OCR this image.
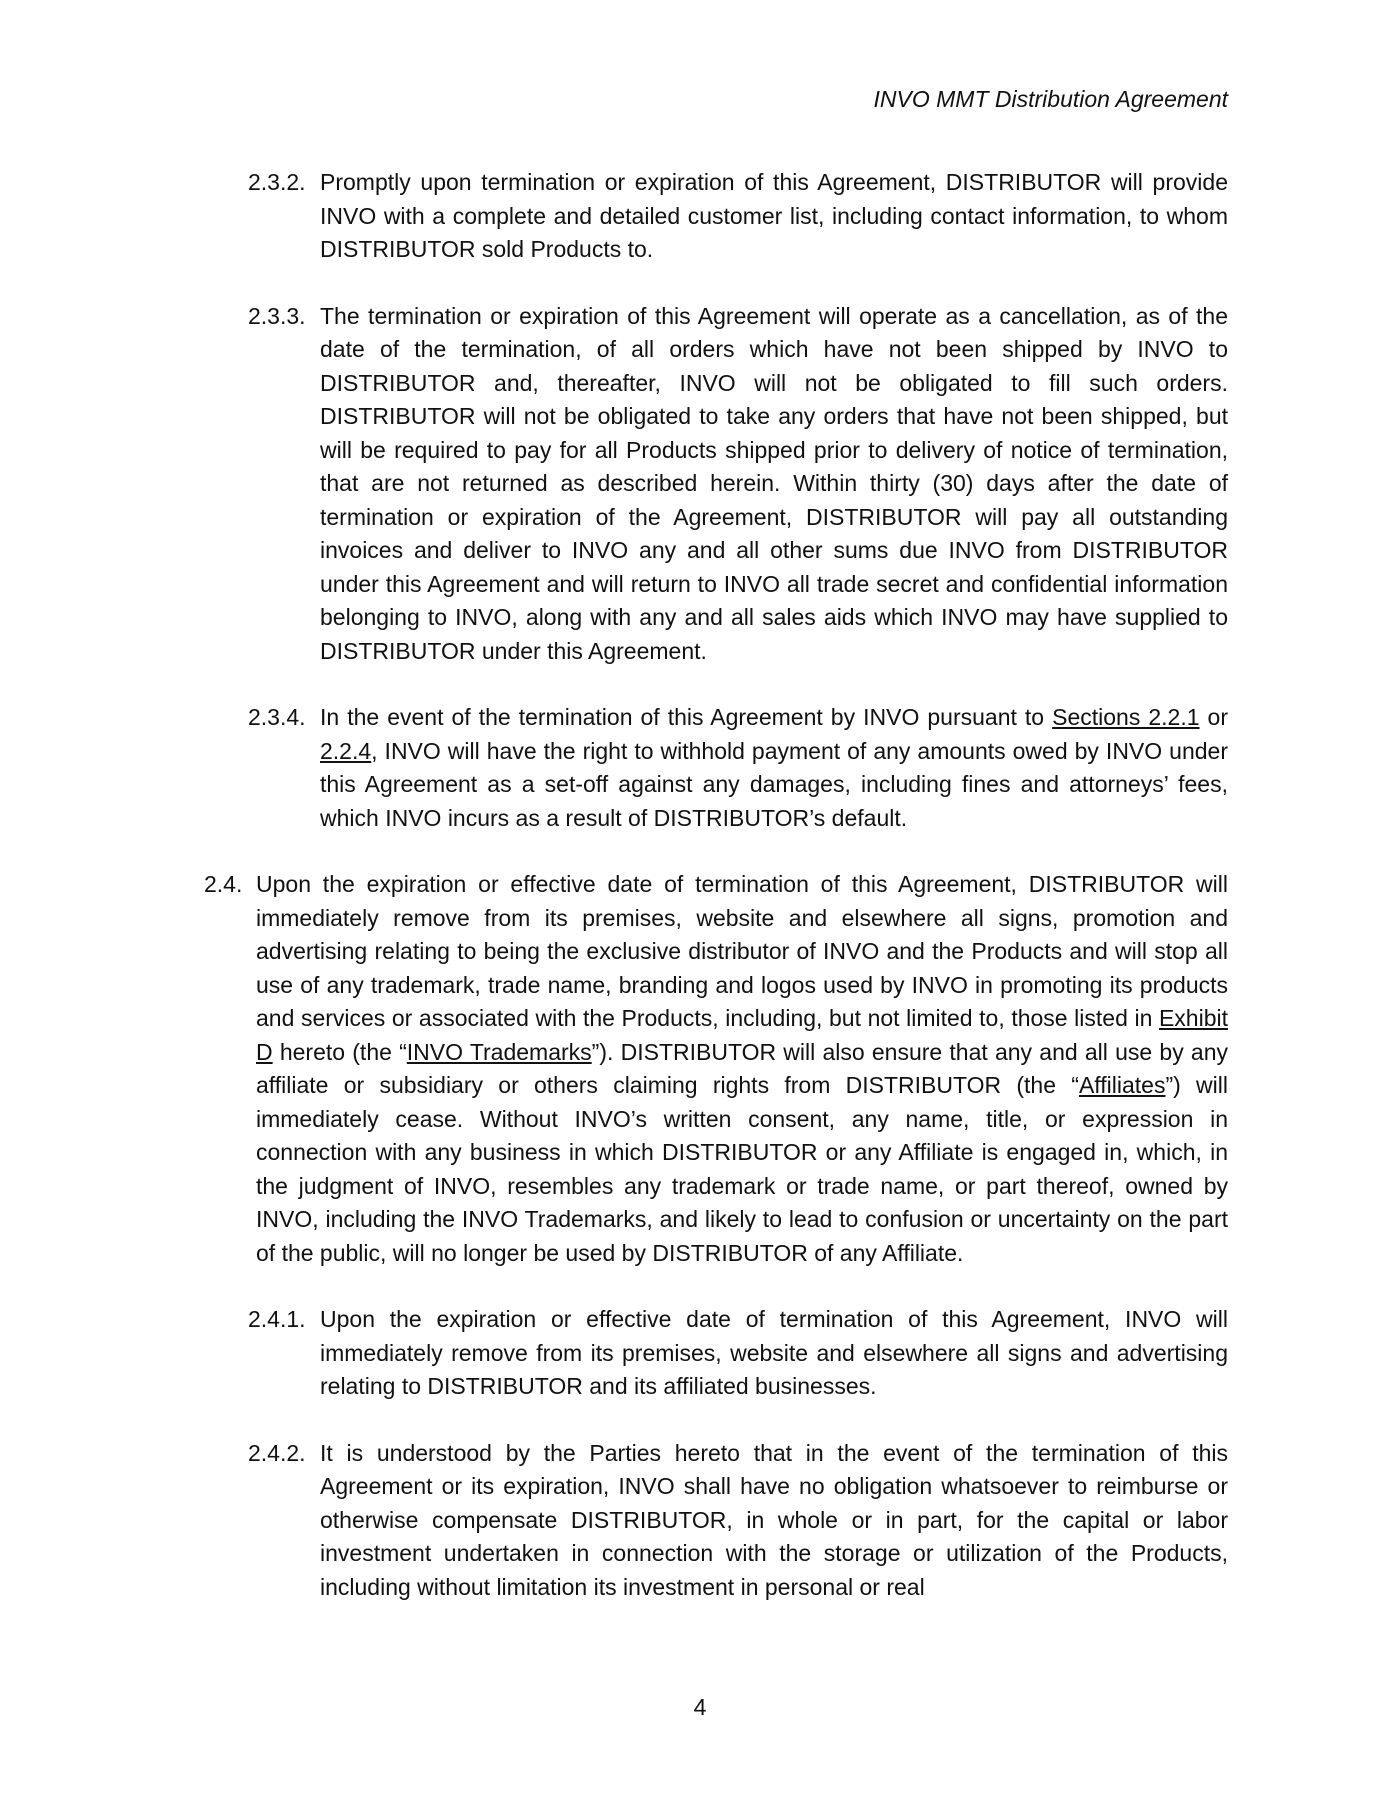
INVO MMT Distribution Agreement
2.3.2. Promptly upon termination or expiration of this Agreement, DISTRIBUTOR will provide INVO with a complete and detailed customer list, including contact information, to whom DISTRIBUTOR sold Products to.
2.3.3. The termination or expiration of this Agreement will operate as a cancellation, as of the date of the termination, of all orders which have not been shipped by INVO to DISTRIBUTOR and, thereafter, INVO will not be obligated to fill such orders. DISTRIBUTOR will not be obligated to take any orders that have not been shipped, but will be required to pay for all Products shipped prior to delivery of notice of termination, that are not returned as described herein. Within thirty (30) days after the date of termination or expiration of the Agreement, DISTRIBUTOR will pay all outstanding invoices and deliver to INVO any and all other sums due INVO from DISTRIBUTOR under this Agreement and will return to INVO all trade secret and confidential information belonging to INVO, along with any and all sales aids which INVO may have supplied to DISTRIBUTOR under this Agreement.
2.3.4. In the event of the termination of this Agreement by INVO pursuant to Sections 2.2.1 or 2.2.4, INVO will have the right to withhold payment of any amounts owed by INVO under this Agreement as a set-off against any damages, including fines and attorneys’ fees, which INVO incurs as a result of DISTRIBUTOR’s default.
2.4. Upon the expiration or effective date of termination of this Agreement, DISTRIBUTOR will immediately remove from its premises, website and elsewhere all signs, promotion and advertising relating to being the exclusive distributor of INVO and the Products and will stop all use of any trademark, trade name, branding and logos used by INVO in promoting its products and services or associated with the Products, including, but not limited to, those listed in Exhibit D hereto (the “INVO Trademarks”). DISTRIBUTOR will also ensure that any and all use by any affiliate or subsidiary or others claiming rights from DISTRIBUTOR (the “Affiliates”) will immediately cease. Without INVO’s written consent, any name, title, or expression in connection with any business in which DISTRIBUTOR or any Affiliate is engaged in, which, in the judgment of INVO, resembles any trademark or trade name, or part thereof, owned by INVO, including the INVO Trademarks, and likely to lead to confusion or uncertainty on the part of the public, will no longer be used by DISTRIBUTOR of any Affiliate.
2.4.1. Upon the expiration or effective date of termination of this Agreement, INVO will immediately remove from its premises, website and elsewhere all signs and advertising relating to DISTRIBUTOR and its affiliated businesses.
2.4.2. It is understood by the Parties hereto that in the event of the termination of this Agreement or its expiration, INVO shall have no obligation whatsoever to reimburse or otherwise compensate DISTRIBUTOR, in whole or in part, for the capital or labor investment undertaken in connection with the storage or utilization of the Products, including without limitation its investment in personal or real
4
